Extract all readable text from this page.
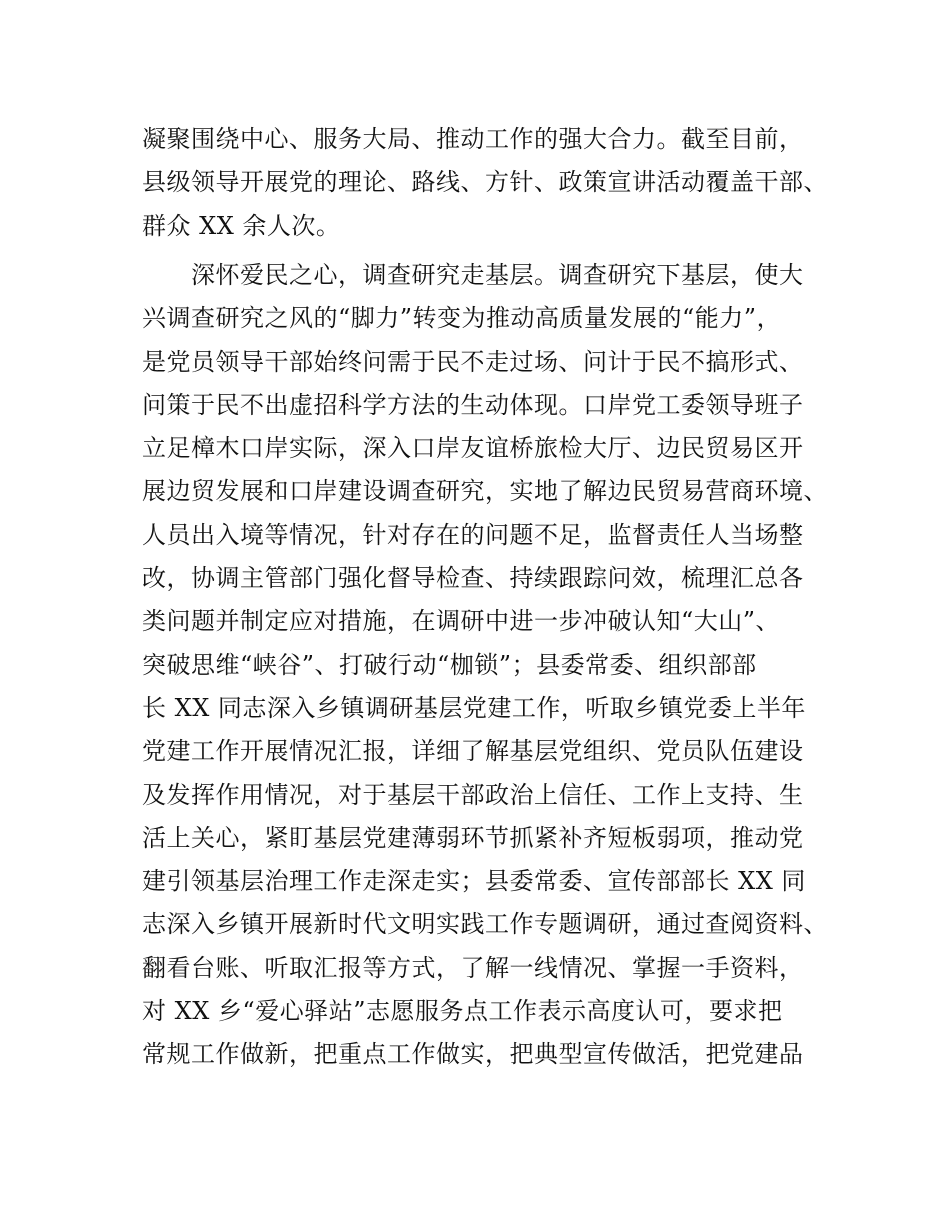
凝聚围绕中心、服务大局、推动工作的强大合力。截至目前，
县级领导开展党的理论、路线、方针、政策宣讲活动覆盖干部、
群众 XX 余人次。
　　深怀爱民之心，调查研究走基层。调查研究下基层，使大
兴调查研究之风的“脚力”转变为推动高质量发展的“能力”，
是党员领导干部始终问需于民不走过场、问计于民不搞形式、
问策于民不出虚招科学方法的生动体现。口岸党工委领导班子
立足樟木口岸实际，深入口岸友谊桥旅检大厅、边民贸易区开
展边贸发展和口岸建设调查研究，实地了解边民贸易营商环境、
人员出入境等情况，针对存在的问题不足，监督责任人当场整
改，协调主管部门强化督导检查、持续跟踪问效，梳理汇总各
类问题并制定应对措施，在调研中进一步冲破认知“大山”、
突破思维“峡谷”、打破行动“枷锁”；县委常委、组织部部
长 XX 同志深入乡镇调研基层党建工作，听取乡镇党委上半年
党建工作开展情况汇报，详细了解基层党组织、党员队伍建设
及发挥作用情况，对于基层干部政治上信任、工作上支持、生
活上关心，紧盯基层党建薄弱环节抓紧补齐短板弱项，推动党
建引领基层治理工作走深走实；县委常委、宣传部部长 XX 同
志深入乡镇开展新时代文明实践工作专题调研，通过查阅资料、
翻看台账、听取汇报等方式，了解一线情况、掌握一手资料，
对 XX 乡“爱心驿站”志愿服务点工作表示高度认可，要求把
常规工作做新，把重点工作做实，把典型宣传做活，把党建品
